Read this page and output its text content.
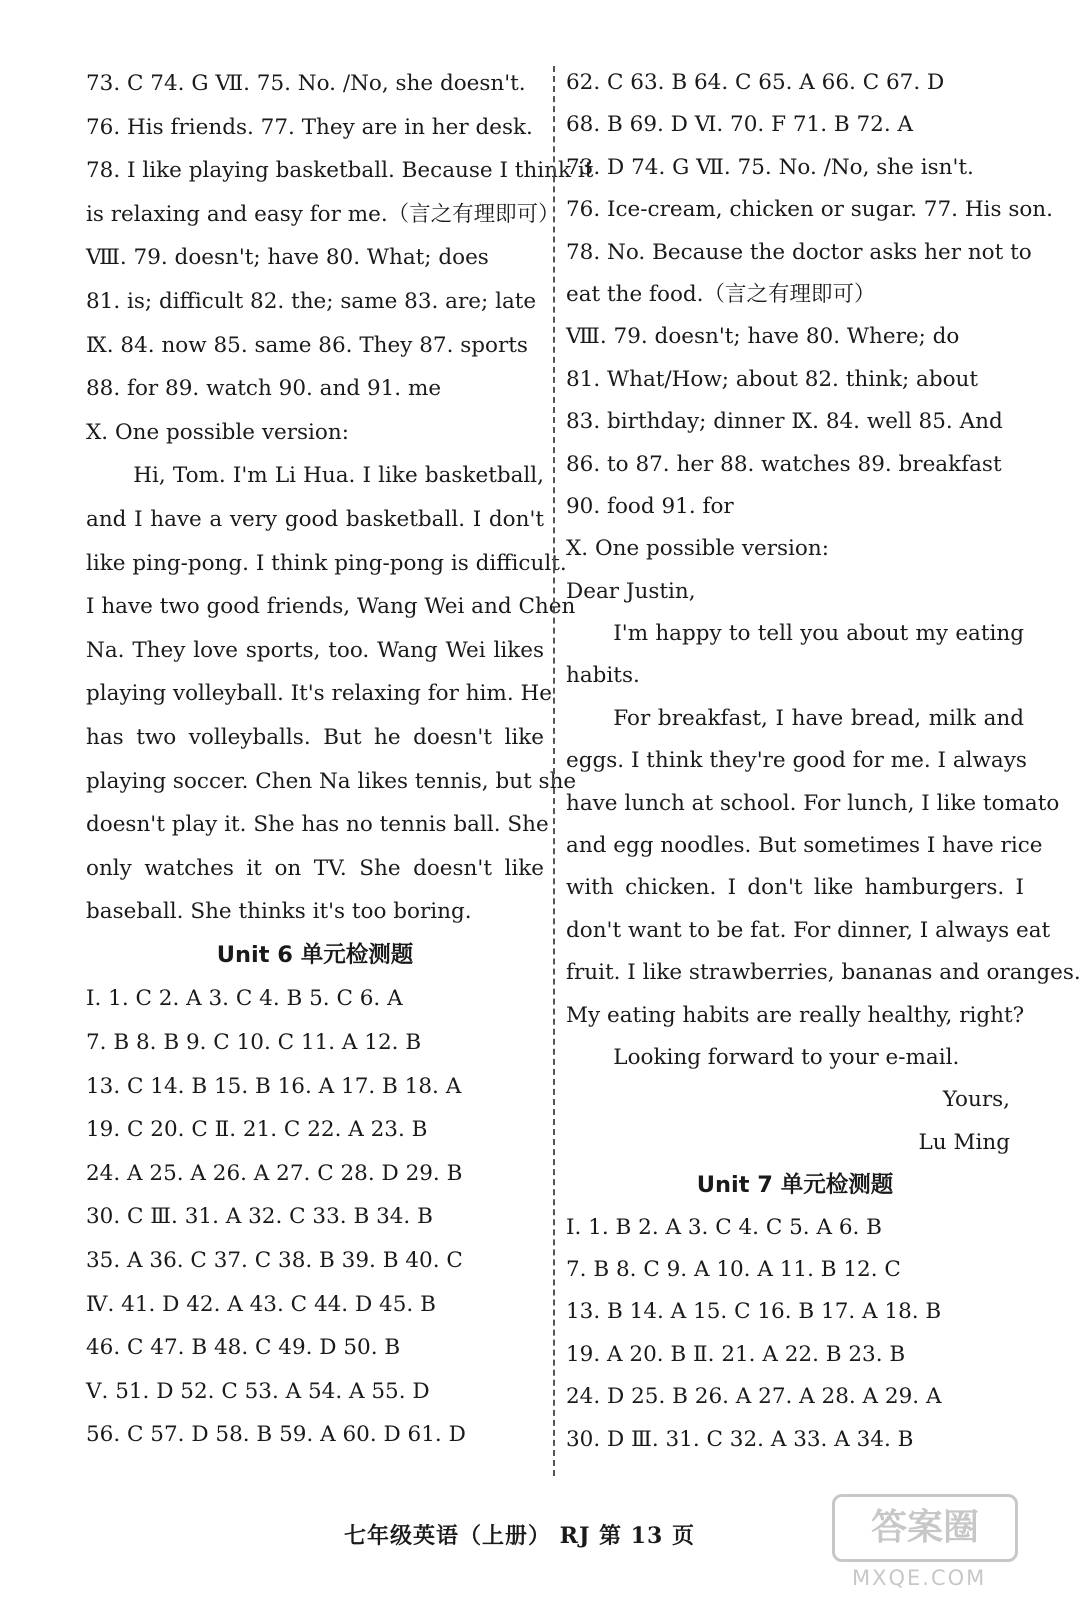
73. C 74. G Ⅶ. 75. No. /No, she doesn't.
76. His friends. 77. They are in her desk.
78. I like playing basketball. Because I think it
is relaxing and easy for me.（言之有理即可）
Ⅷ. 79. doesn't; have 80. What; does
81. is; difficult 82. the; same 83. are; late
Ⅸ. 84. now 85. same 86. They 87. sports
88. for 89. watch 90. and 91. me
Ⅹ. One possible version:
Hi, Tom. I'm Li Hua. I like basketball,
and I have a very good basketball. I don't
like ping-pong. I think ping-pong is difficult.
I have two good friends, Wang Wei and Chen
Na. They love sports, too. Wang Wei likes
playing volleyball. It's relaxing for him. He
has two volleyballs. But he doesn't like
playing soccer. Chen Na likes tennis, but she
doesn't play it. She has no tennis ball. She
only watches it on TV. She doesn't like
baseball. She thinks it's too boring.
Unit 6 单元检测题
Ⅰ. 1. C 2. A 3. C 4. B 5. C 6. A
7. B 8. B 9. C 10. C 11. A 12. B
13. C 14. B 15. B 16. A 17. B 18. A
19. C 20. C Ⅱ. 21. C 22. A 23. B
24. A 25. A 26. A 27. C 28. D 29. B
30. C Ⅲ. 31. A 32. C 33. B 34. B
35. A 36. C 37. C 38. B 39. B 40. C
Ⅳ. 41. D 42. A 43. C 44. D 45. B
46. C 47. B 48. C 49. D 50. B
Ⅴ. 51. D 52. C 53. A 54. A 55. D
56. C 57. D 58. B 59. A 60. D 61. D
62. C 63. B 64. C 65. A 66. C 67. D
68. B 69. D Ⅵ. 70. F 71. B 72. A
73. D 74. G Ⅶ. 75. No. /No, she isn't.
76. Ice-cream, chicken or sugar. 77. His son.
78. No. Because the doctor asks her not to
eat the food.（言之有理即可）
Ⅷ. 79. doesn't; have 80. Where; do
81. What/How; about 82. think; about
83. birthday; dinner Ⅸ. 84. well 85. And
86. to 87. her 88. watches 89. breakfast
90. food 91. for
Ⅹ. One possible version:
Dear Justin,
I'm happy to tell you about my eating
habits.
For breakfast, I have bread, milk and
eggs. I think they're good for me. I always
have lunch at school. For lunch, I like tomato
and egg noodles. But sometimes I have rice
with chicken. I don't like hamburgers. I
don't want to be fat. For dinner, I always eat
fruit. I like strawberries, bananas and oranges.
My eating habits are really healthy, right?
Looking forward to your e-mail.
Yours,
Lu Ming
Unit 7 单元检测题
Ⅰ. 1. B 2. A 3. C 4. C 5. A 6. B
7. B 8. C 9. A 10. A 11. B 12. C
13. B 14. A 15. C 16. B 17. A 18. B
19. A 20. B Ⅱ. 21. A 22. B 23. B
24. D 25. B 26. A 27. A 28. A 29. A
30. D Ⅲ. 31. C 32. A 33. A 34. B
七年级英语（上册） RJ 第 13 页	答案圈
MXQE.COM
